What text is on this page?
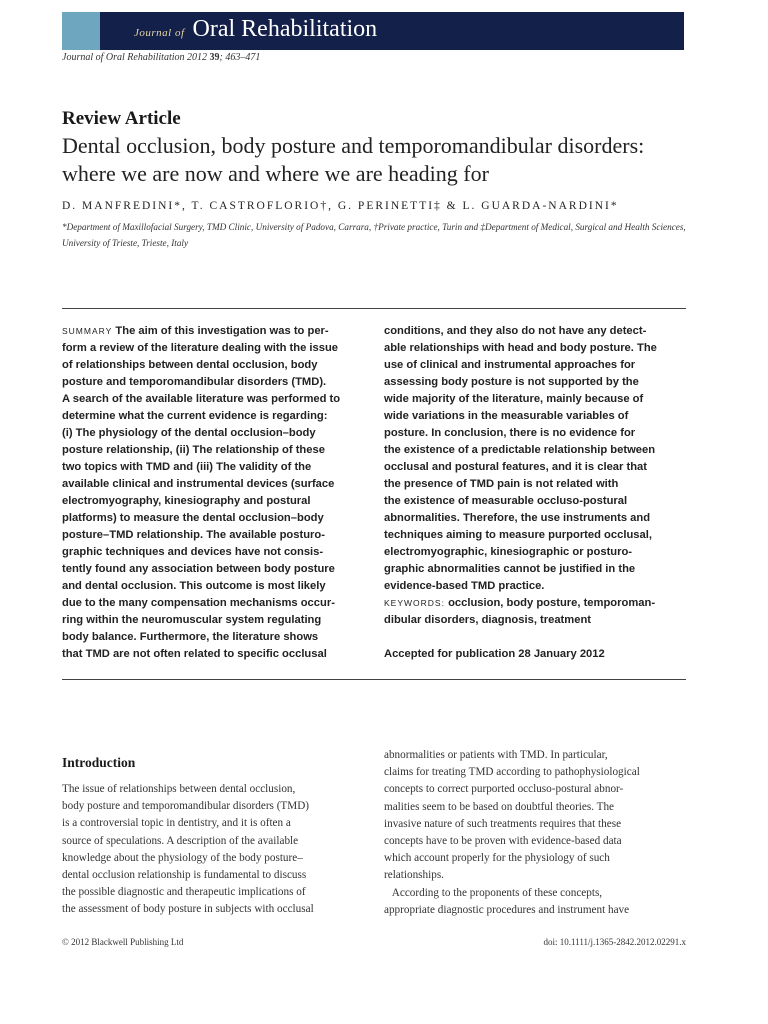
Journal of Oral Rehabilitation
Journal of Oral Rehabilitation 2012 39; 463–471
Review Article
Dental occlusion, body posture and temporomandibular disorders: where we are now and where we are heading for
D. MANFREDINI*, T. CASTROFLORIO†, G. PERINETTI‡ & L. GUARDA-NARDINI*
*Department of Maxillofacial Surgery, TMD Clinic, University of Padova, Carrara, †Private practice, Turin and ‡Department of Medical, Surgical and Health Sciences, University of Trieste, Trieste, Italy
SUMMARY The aim of this investigation was to per-
form a review of the literature dealing with the issue
of relationships between dental occlusion, body
posture and temporomandibular disorders (TMD).
A search of the available literature was performed to
determine what the current evidence is regarding:
(i) The physiology of the dental occlusion–body
posture relationship, (ii) The relationship of these
two topics with TMD and (iii) The validity of the
available clinical and instrumental devices (surface
electromyography, kinesiography and postural
platforms) to measure the dental occlusion–body
posture–TMD relationship. The available posturo-
graphic techniques and devices have not consis-
tently found any association between body posture
and dental occlusion. This outcome is most likely
due to the many compensation mechanisms occur-
ring within the neuromuscular system regulating
body balance. Furthermore, the literature shows
that TMD are not often related to specific occlusal
conditions, and they also do not have any detect-
able relationships with head and body posture. The
use of clinical and instrumental approaches for
assessing body posture is not supported by the
wide majority of the literature, mainly because of
wide variations in the measurable variables of
posture. In conclusion, there is no evidence for
the existence of a predictable relationship between
occlusal and postural features, and it is clear that
the presence of TMD pain is not related with
the existence of measurable occluso-postural
abnormalities. Therefore, the use instruments and
techniques aiming to measure purported occlusal,
electromyographic, kinesiographic or posturo-
graphic abnormalities cannot be justified in the
evidence-based TMD practice.
KEYWORDS: occlusion, body posture, temporoman-
dibular disorders, diagnosis, treatment
Accepted for publication 28 January 2012
Introduction
The issue of relationships between dental occlusion,
body posture and temporomandibular disorders (TMD)
is a controversial topic in dentistry, and it is often a
source of speculations. A description of the available
knowledge about the physiology of the body posture–
dental occlusion relationship is fundamental to discuss
the possible diagnostic and therapeutic implications of
the assessment of body posture in subjects with occlusal
abnormalities or patients with TMD. In particular,
claims for treating TMD according to pathophysiological
concepts to correct purported occluso-postural abnor-
malities seem to be based on doubtful theories. The
invasive nature of such treatments requires that these
concepts have to be proven with evidence-based data
which account properly for the physiology of such
relationships.
According to the proponents of these concepts,
appropriate diagnostic procedures and instrument have
© 2012 Blackwell Publishing Ltd	doi: 10.1111/j.1365-2842.2012.02291.x
